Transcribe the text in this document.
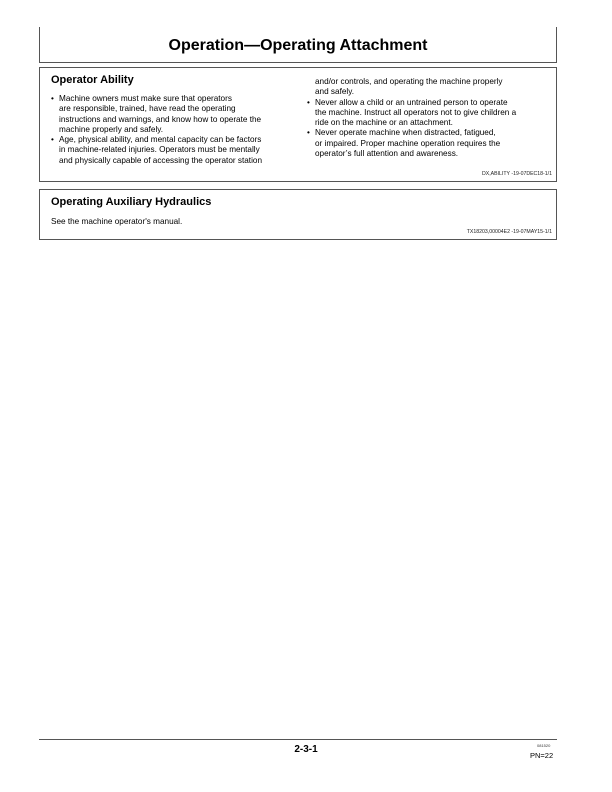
Operation—Operating Attachment
Operator Ability
• Machine owners must make sure that operators
are responsible, trained, have read the operating
instructions and warnings, and know how to operate the
machine properly and safely.
• Age, physical ability, and mental capacity can be factors
in machine-related injuries. Operators must be mentally
and physically capable of accessing the operator station
and/or controls, and operating the machine properly
and safely.
• Never allow a child or an untrained person to operate
the machine. Instruct all operators not to give children a
ride on the machine or an attachment.
• Never operate machine when distracted, fatigued,
or impaired. Proper machine operation requires the
operator’s full attention and awareness.
DX,ABILITY -19-07DEC18-1/1
Operating Auxiliary Hydraulics
See the machine operator's manual.
TX18203,00004E2 -19-07MAY15-1/1
2-3-1	081520
PN=22
